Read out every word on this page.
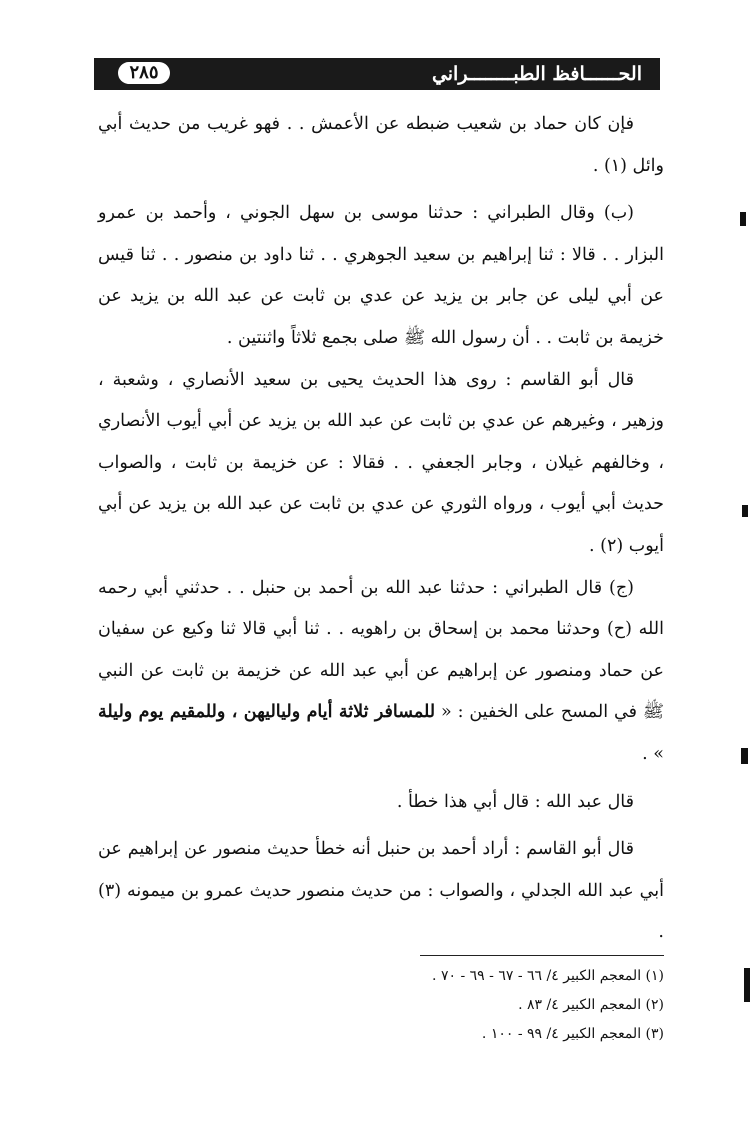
الحــــــافظ الطبــــــــراني
٢٨٥

فإن كان حماد بن شعيب ضبطه عن الأعمش . . فهو غريب من حديث أبي وائل (١) .

(ب) وقال الطبراني : حدثنا موسى بن سهل الجوني ، وأحمد بن عمرو البزار . . قالا : ثنا إبراهيم بن سعيد الجوهري . . ثنا داود بن منصور . . ثنا قيس عن أبي ليلى عن جابر بن يزيد عن عدي بن ثابت عن عبد الله بن يزيد عن خزيمة بن ثابت . . أن رسول الله ﷺ صلى بجمع ثلاثاً واثنتين .

قال أبو القاسم : روى هذا الحديث يحيى بن سعيد الأنصاري ، وشعبة ، وزهير ، وغيرهم عن عدي بن ثابت عن عبد الله بن يزيد عن أبي أيوب الأنصاري ، وخالفهم غيلان ، وجابر الجعفي . . فقالا : عن خزيمة بن ثابت ، والصواب حديث أبي أيوب ، ورواه الثوري عن عدي بن ثابت عن عبد الله بن يزيد عن أبي أيوب (٢) .

(ج) قال الطبراني : حدثنا عبد الله بن أحمد بن حنبل . . حدثني أبي رحمه الله (ح) وحدثنا محمد بن إسحاق بن راهويه . . ثنا أبي قالا ثنا وكيع عن سفيان عن حماد ومنصور عن إبراهيم عن أبي عبد الله عن خزيمة بن ثابت عن النبي ﷺ في المسح على الخفين : « للمسافر ثلاثة أيام ولياليهن ، وللمقيم يوم وليلة » .

قال عبد الله : قال أبي هذا خطأ .

قال أبو القاسم : أراد أحمد بن حنبل أنه خطأ حديث منصور عن إبراهيم عن أبي عبد الله الجدلي ، والصواب : من حديث منصور حديث عمرو بن ميمونه (٣) .

(١) المعجم الكبير ٤/ ٦٦ - ٦٧ - ٦٩ - ٧٠ .

(٢) المعجم الكبير ٤/ ٨٣ .

(٣) المعجم الكبير ٤/ ٩٩ - ١٠٠ .
